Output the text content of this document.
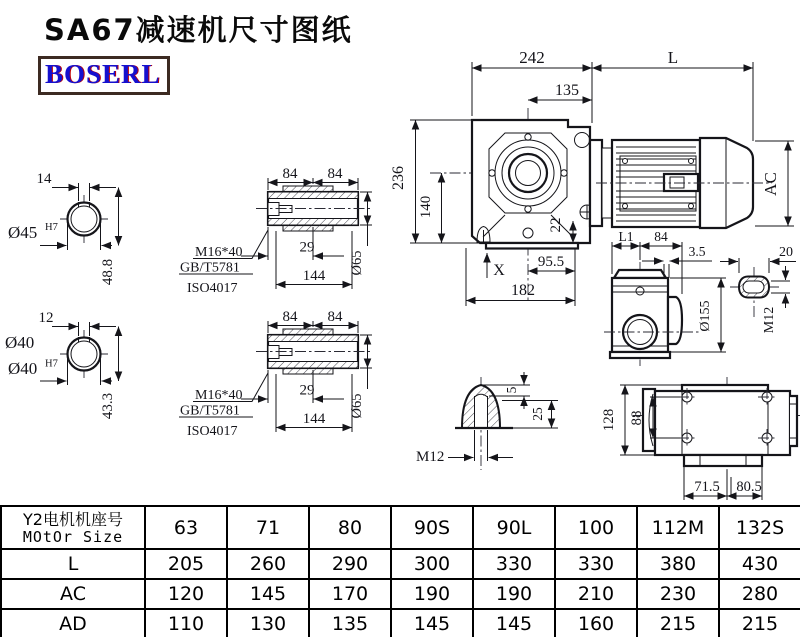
SA67减速机尺寸图纸
BOSERL
14
Ø45 H7
48.8
Ø40
12
Ø40 H7
43.3
84 84
29
144
Ø65
M16*40
GB/T5781
ISO4017
84 84
29
144
Ø65
M16*40
GB/T5781
ISO4017
242	L
135
236
140
22
AC
X 95.5
182
L1 84
3.5
Ø155
20
M12
128 88
71.5 80.5
5
25
M12
Y2电机机座号
MOtOr Size	63	71	80	90S	90L	100	112M	132S
L	205	260	290	300	330	330	380	430
AC	120	145	170	190	190	210	230	280
AD	110	130	135	145	145	160	215	215
